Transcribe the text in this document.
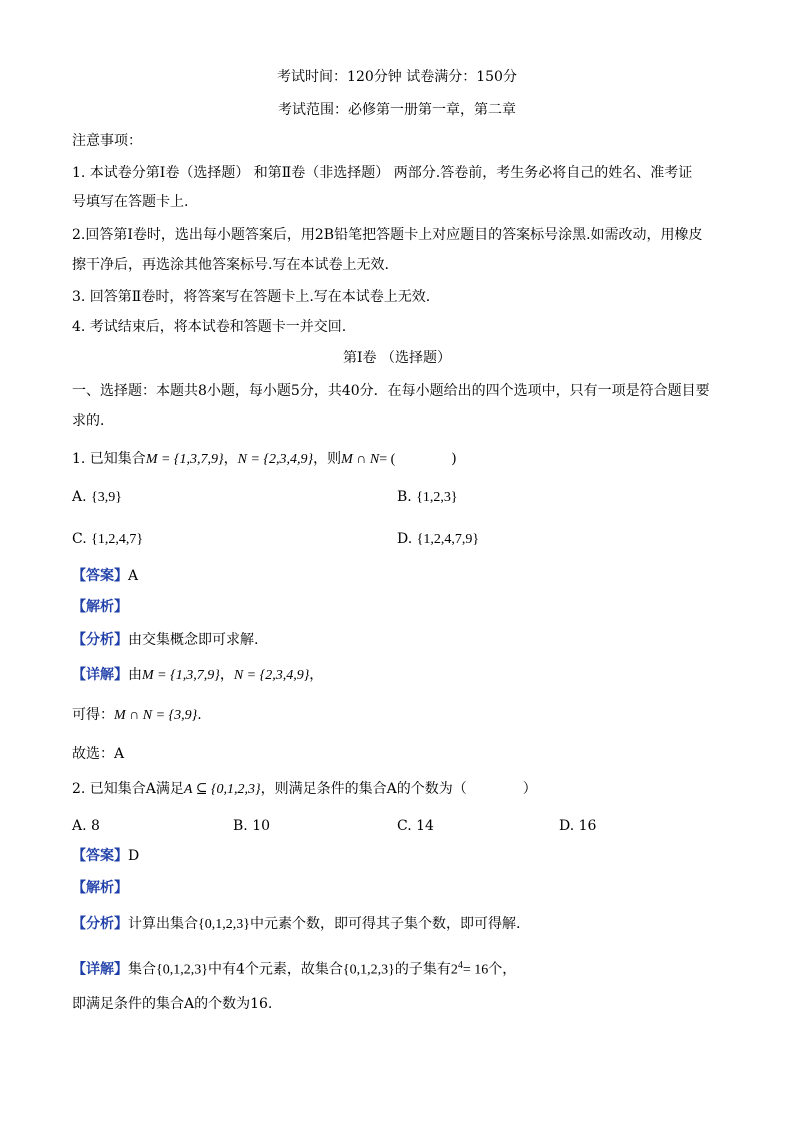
考试时间：120分钟 试卷满分：150分
考试范围：必修第一册第一章，第二章
注意事项：
1. 本试卷分第Ⅰ卷（选择题） 和第Ⅱ卷（非选择题） 两部分.答卷前，考生务必将自己的姓名、准考证
号填写在答题卡上.
2.回答第Ⅰ卷时，选出每小题答案后，用2B铅笔把答题卡上对应题目的答案标号涂黑.如需改动，用橡皮
擦干净后，再选涂其他答案标号.写在本试卷上无效.
3. 回答第Ⅱ卷时，将答案写在答题卡上.写在本试卷上无效.
4. 考试结束后，将本试卷和答题卡一并交回.
第Ⅰ卷 （选择题）
一、选择题：本题共8小题，每小题5分，共40分．在每小题给出的四个选项中，只有一项是符合题目要
求的．
1. 已知集合M = {1,3,7,9}，N = {2,3,4,9}，则M ∩ N= (	)
A. {3,9}	B. {1,2,3}
C. {1,2,4,7}	D. {1,2,4,7,9}
【答案】A
【解析】
【分析】由交集概念即可求解.
【详解】由M = {1,3,7,9}，N = {2,3,4,9}，
可得：M ∩ N = {3,9}.
故选：A
2. 已知集合A满足A ⊆ {0,1,2,3}，则满足条件的集合A的个数为（	）
A. 8	B. 10	C. 14	D. 16
【答案】D
【解析】
【分析】计算出集合{0,1,2,3}中元素个数，即可得其子集个数，即可得解.
【详解】集合{0,1,2,3}中有4个元素，故集合{0,1,2,3}的子集有$2^4= 16$个，
即满足条件的集合A的个数为16.
